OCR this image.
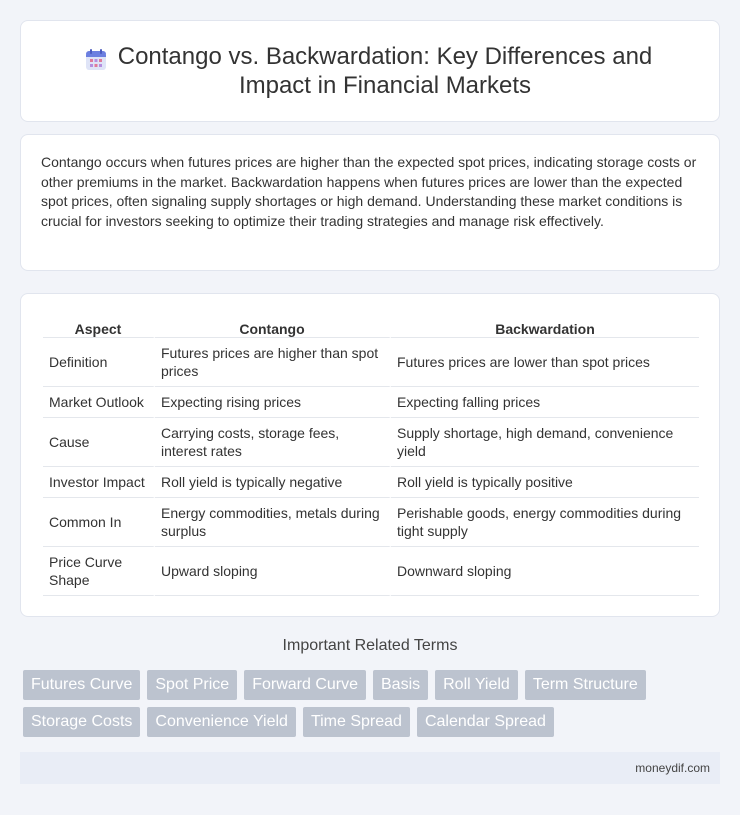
Contango vs. Backwardation: Key Differences and Impact in Financial Markets

Contango occurs when futures prices are higher than the expected spot prices, indicating storage costs or other premiums in the market. Backwardation happens when futures prices are lower than the expected spot prices, often signaling supply shortages or high demand. Understanding these market conditions is crucial for investors seeking to optimize their trading strategies and manage risk effectively.

Aspect	Contango	Backwardation
Definition	Futures prices are higher than spot prices	Futures prices are lower than spot prices
Market Outlook	Expecting rising prices	Expecting falling prices
Cause	Carrying costs, storage fees, interest rates	Supply shortage, high demand, convenience yield
Investor Impact	Roll yield is typically negative	Roll yield is typically positive
Common In	Energy commodities, metals during surplus	Perishable goods, energy commodities during tight supply
Price Curve Shape	Upward sloping	Downward sloping
Important Related Terms
Futures Curve	Spot Price	Forward Curve	Basis	Roll Yield	Term Structure
Storage Costs	Convenience Yield	Time Spread	Calendar Spread
moneydif.com
